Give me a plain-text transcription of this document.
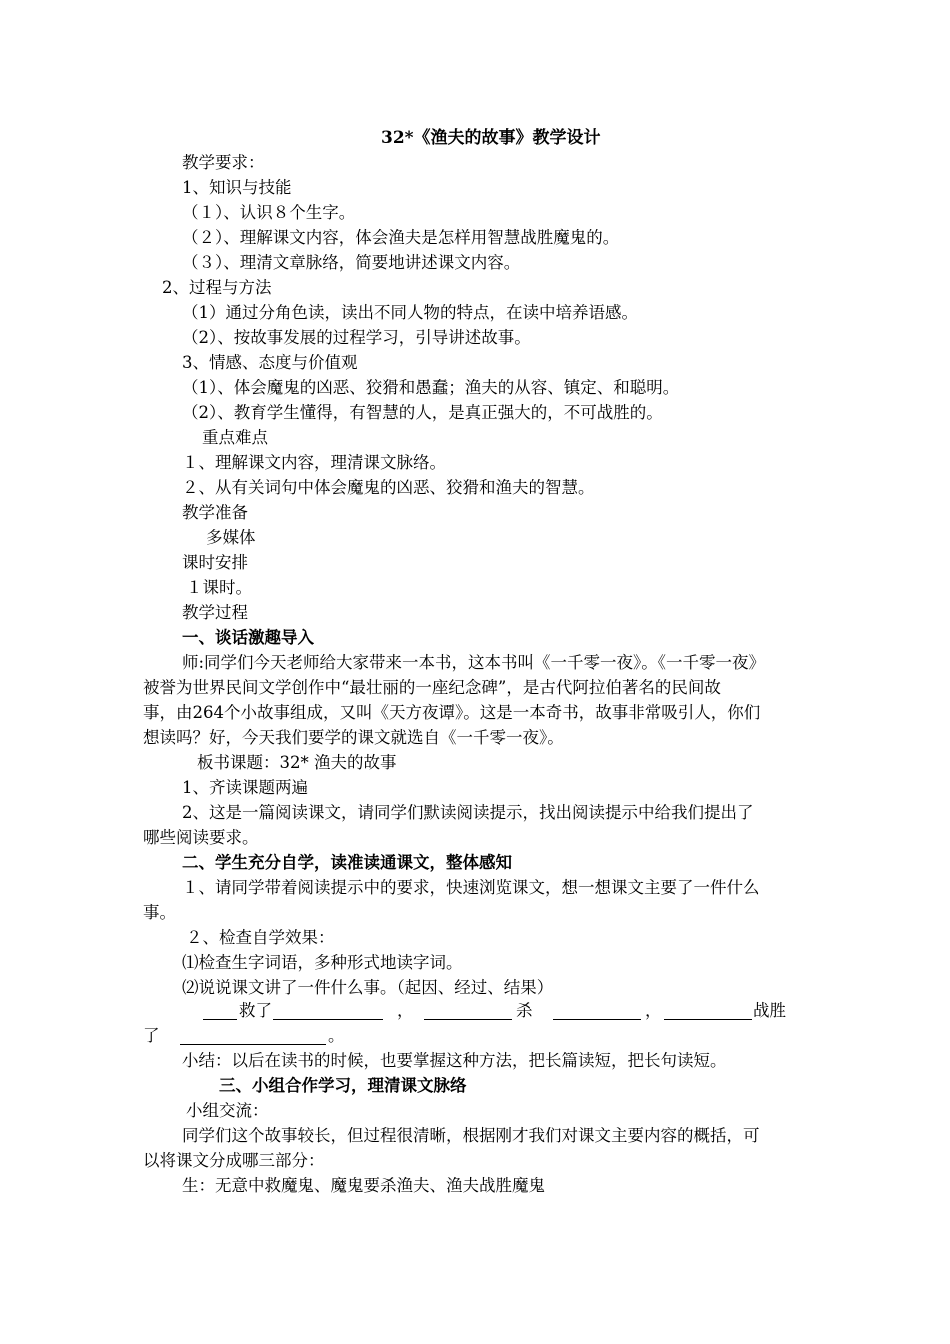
32*《渔夫的故事》教学设计
教学要求：
1、知识与技能
（１）、认识８个生字。
（２）、理解课文内容，体会渔夫是怎样用智慧战胜魔鬼的。
（３）、理清文章脉络，简要地讲述课文内容。
2、过程与方法
（1）通过分角色读，读出不同人物的特点，在读中培养语感。
（2）、按故事发展的过程学习，引导讲述故事。
3、情感、态度与价值观
（1）、体会魔鬼的凶恶、狡猾和愚蠢；渔夫的从容、镇定、和聪明。
（2）、教育学生懂得，有智慧的人，是真正强大的，不可战胜的。
重点难点
１、理解课文内容，理清课文脉络。
２、从有关词句中体会魔鬼的凶恶、狡猾和渔夫的智慧。
教学准备
多媒体
课时安排
１课时。
教学过程
一、谈话激趣导入
师:同学们今天老师给大家带来一本书，这本书叫《一千零一夜》。《一千零一夜》
被誉为世界民间文学创作中“最壮丽的一座纪念碑”，是古代阿拉伯著名的民间故
事，由264个小故事组成，又叫《天方夜谭》。这是一本奇书，故事非常吸引人，你们
想读吗？好，今天我们要学的课文就选自《一千零一夜》。
板书课题：32* 渔夫的故事
1、齐读课题两遍
2、这是一篇阅读课文，请同学们默读阅读提示，找出阅读提示中给我们提出了
哪些阅读要求。
二、学生充分自学，读准读通课文，整体感知
１、请同学带着阅读提示中的要求，快速浏览课文，想一想课文主要了一件什么
事。
２、检查自学效果：
⑴检查生字词语，多种形式地读字词。
⑵说说课文讲了一件什么事。（起因、经过、结果）
救了	，	杀	，	战胜
了	。
小结：以后在读书的时候，也要掌握这种方法，把长篇读短，把长句读短。
三、小组合作学习，理清课文脉络
小组交流：
同学们这个故事较长，但过程很清晰，根据刚才我们对课文主要内容的概括，可
以将课文分成哪三部分：
生：无意中救魔鬼、魔鬼要杀渔夫、渔夫战胜魔鬼
